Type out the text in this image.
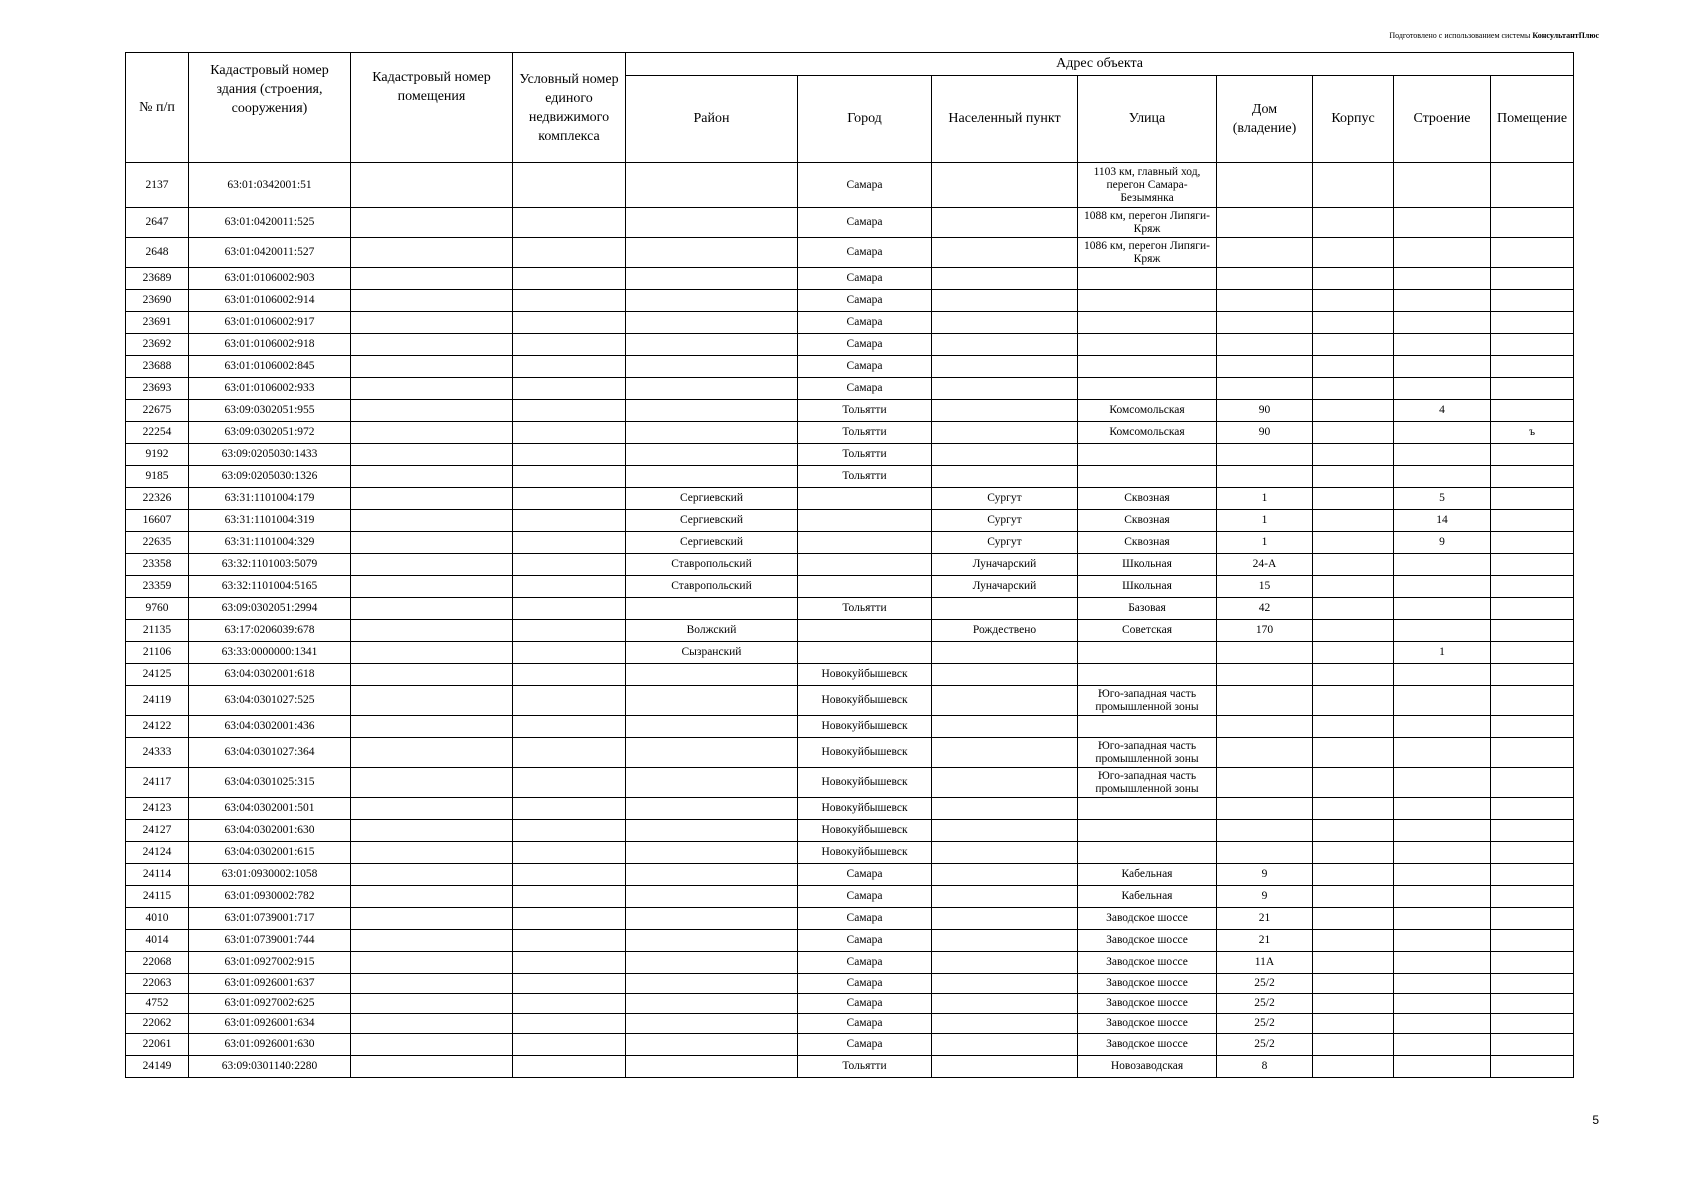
Подготовлено с использованием системы КонсультантПлюс
№ п/п	Кадастровый номер здания (строения, сооружения)	Кадастровый номер помещения	Условный номер единого недвижимого комплекса	Адрес объекта							
				Район	Город	Населенный пункт	Улица	Дом (владение)	Корпус	Строение	Помещение
2137	63:01:0342001:51				Самара		1103 км, главный ход, перегон Самара-Безымянка				
2647	63:01:0420011:525				Самара		1088 км, перегон Липяги-Кряж				
2648	63:01:0420011:527				Самара		1086 км, перегон Липяги-Кряж				
23689	63:01:0106002:903				Самара						
23690	63:01:0106002:914				Самара						
23691	63:01:0106002:917				Самара						
23692	63:01:0106002:918				Самара						
23688	63:01:0106002:845				Самара						
23693	63:01:0106002:933				Самара						
22675	63:09:0302051:955				Тольятти		Комсомольская	90		4	
22254	63:09:0302051:972				Тольятти		Комсомольская	90			ъ
9192	63:09:0205030:1433				Тольятти						
9185	63:09:0205030:1326				Тольятти						
22326	63:31:1101004:179			Сергиевский		Сургут	Сквозная	1		5	
16607	63:31:1101004:319			Сергиевский		Сургут	Сквозная	1		14	
22635	63:31:1101004:329			Сергиевский		Сургут	Сквозная	1		9	
23358	63:32:1101003:5079			Ставропольский		Луначарский	Школьная	24-А			
23359	63:32:1101004:5165			Ставропольский		Луначарский	Школьная	15			
9760	63:09:0302051:2994				Тольятти		Базовая	42			
21135	63:17:0206039:678			Волжский		Рождествено	Советская	170			
21106	63:33:0000000:1341			Сызранский						1	
24125	63:04:0302001:618				Новокуйбышевск						
24119	63:04:0301027:525				Новокуйбышевск		Юго-западная часть промышленной зоны				
24122	63:04:0302001:436				Новокуйбышевск						
24333	63:04:0301027:364				Новокуйбышевск		Юго-западная часть промышленной зоны				
24117	63:04:0301025:315				Новокуйбышевск		Юго-западная часть промышленной зоны				
24123	63:04:0302001:501				Новокуйбышевск						
24127	63:04:0302001:630				Новокуйбышевск						
24124	63:04:0302001:615				Новокуйбышевск						
24114	63:01:0930002:1058				Самара		Кабельная	9			
24115	63:01:0930002:782				Самара		Кабельная	9			
4010	63:01:0739001:717				Самара		Заводское шоссе	21			
4014	63:01:0739001:744				Самара		Заводское шоссе	21			
22068	63:01:0927002:915				Самара		Заводское шоссе	11А			
22063	63:01:0926001:637				Самара		Заводское шоссе	25/2			
4752	63:01:0927002:625				Самара		Заводское шоссе	25/2			
22062	63:01:0926001:634				Самара		Заводское шоссе	25/2			
22061	63:01:0926001:630				Самара		Заводское шоссе	25/2			
24149	63:09:0301140:2280				Тольятти		Новозаводская	8			
5
